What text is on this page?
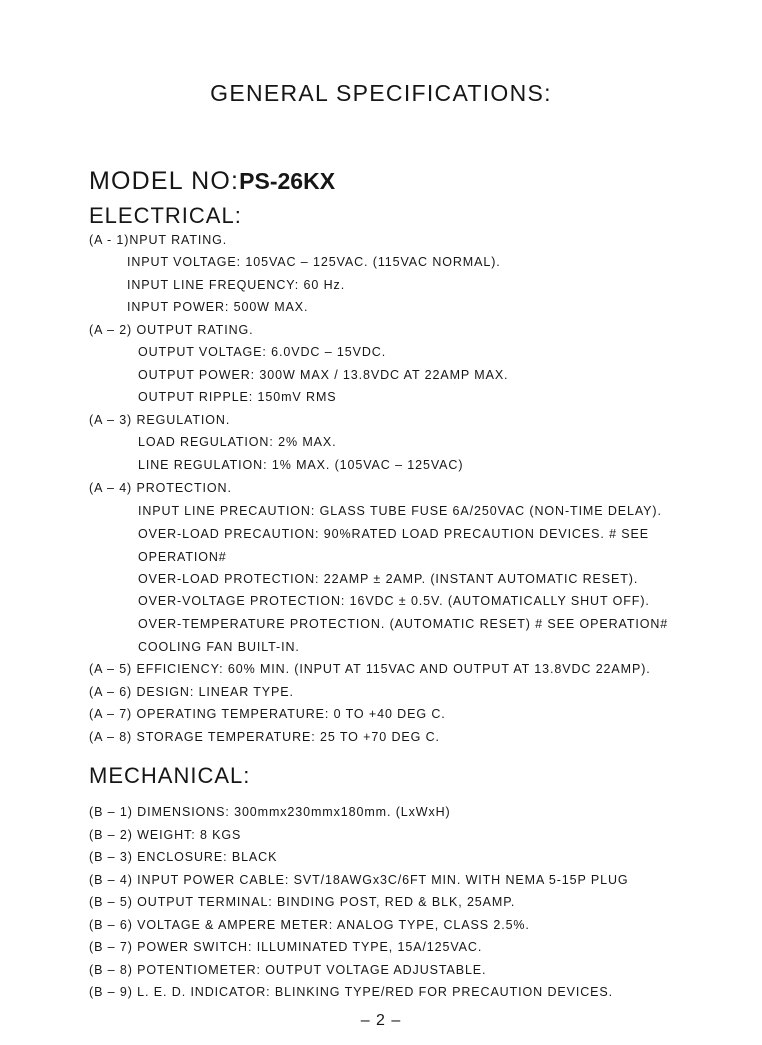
GENERAL SPECIFICATIONS:
MODEL NO:PS-26KX
ELECTRICAL:
(A - 1)NPUT RATING.
INPUT VOLTAGE: 105VAC – 125VAC. (115VAC NORMAL).
INPUT LINE FREQUENCY: 60 Hz.
INPUT POWER: 500W MAX.
(A – 2) OUTPUT RATING.
OUTPUT VOLTAGE: 6.0VDC – 15VDC.
OUTPUT POWER: 300W MAX / 13.8VDC AT 22AMP MAX.
OUTPUT RIPPLE: 150mV RMS
(A – 3) REGULATION.
LOAD REGULATION: 2% MAX.
LINE REGULATION: 1% MAX. (105VAC – 125VAC)
(A – 4) PROTECTION.
INPUT LINE PRECAUTION: GLASS TUBE FUSE 6A/250VAC (NON-TIME DELAY).
OVER-LOAD PRECAUTION: 90%RATED LOAD PRECAUTION DEVICES. # SEE
OPERATION#
OVER-LOAD PROTECTION: 22AMP ± 2AMP. (INSTANT AUTOMATIC RESET).
OVER-VOLTAGE PROTECTION: 16VDC ± 0.5V. (AUTOMATICALLY SHUT OFF).
OVER-TEMPERATURE PROTECTION. (AUTOMATIC RESET) # SEE OPERATION#
COOLING FAN BUILT-IN.
(A – 5) EFFICIENCY: 60% MIN. (INPUT AT 115VAC AND OUTPUT AT 13.8VDC 22AMP).
(A – 6) DESIGN: LINEAR TYPE.
(A – 7) OPERATING TEMPERATURE: 0 TO +40 DEG C.
(A – 8) STORAGE TEMPERATURE: 25 TO +70 DEG C.
MECHANICAL:
(B – 1) DIMENSIONS: 300mmx230mmx180mm. (LxWxH)
(B – 2) WEIGHT: 8 KGS
(B – 3) ENCLOSURE: BLACK
(B – 4) INPUT POWER CABLE: SVT/18AWGx3C/6FT MIN. WITH NEMA 5-15P PLUG
(B – 5) OUTPUT TERMINAL: BINDING POST, RED & BLK, 25AMP.
(B – 6) VOLTAGE & AMPERE METER: ANALOG TYPE, CLASS 2.5%.
(B – 7) POWER SWITCH: ILLUMINATED TYPE, 15A/125VAC.
(B – 8) POTENTIOMETER: OUTPUT VOLTAGE ADJUSTABLE.
(B – 9) L. E. D. INDICATOR: BLINKING TYPE/RED FOR PRECAUTION DEVICES.
– 2 –
